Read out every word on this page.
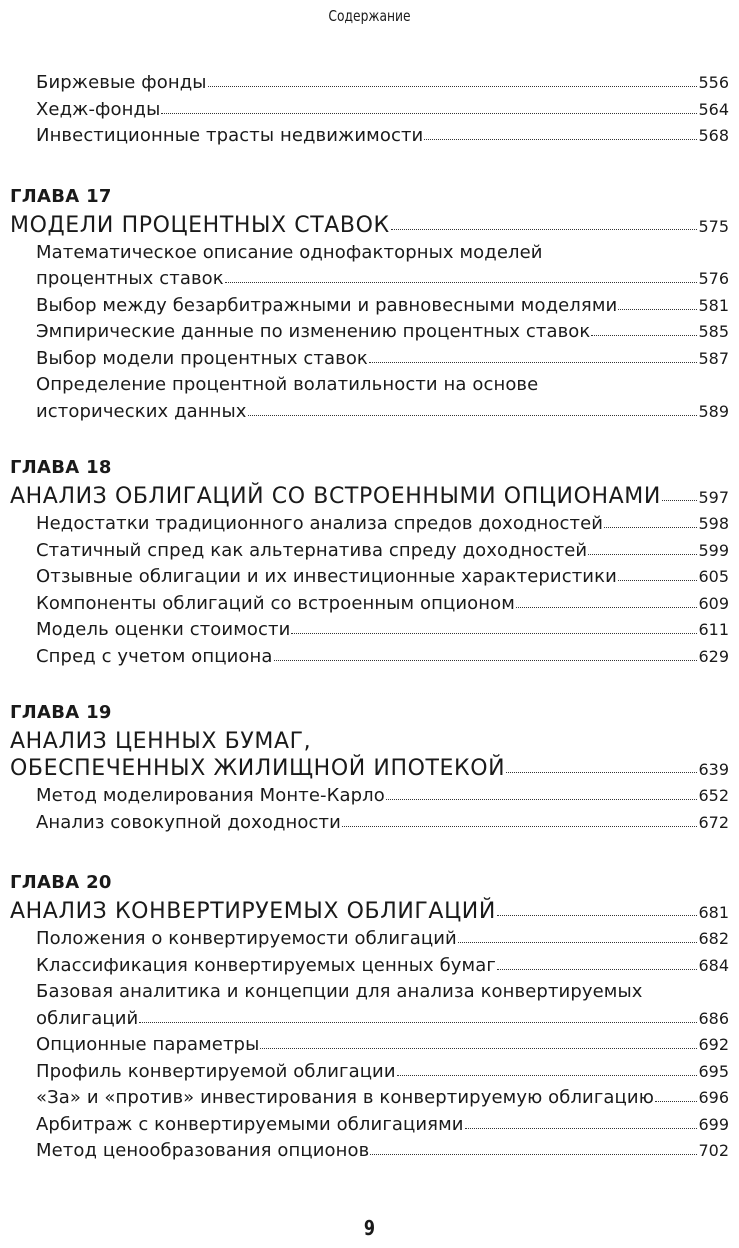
Содержание
Биржевые фонды	556
Хедж-фонды	564
Инвестиционные трасты недвижимости	568
ГЛАВА 17
МОДЕЛИ ПРОЦЕНТНЫХ СТАВОК	575
Математическое описание однофакторных моделей
процентных ставок	576
Выбор между безарбитражными и равновесными моделями	581
Эмпирические данные по изменению процентных ставок	585
Выбор модели процентных ставок	587
Определение процентной волатильности на основе
исторических данных	589
ГЛАВА 18
АНАЛИЗ ОБЛИГАЦИЙ СО ВСТРОЕННЫМИ ОПЦИОНАМИ 597
Недостатки традиционного анализа спредов доходностей	598
Статичный спред как альтернатива спреду доходностей	599
Отзывные облигации и их инвестиционные характеристики	605
Компоненты облигаций со встроенным опционом	609
Модель оценки стоимости	611
Спред с учетом опциона	629
ГЛАВА 19
АНАЛИЗ ЦЕННЫХ БУМАГ,
ОБЕСПЕЧЕННЫХ ЖИЛИЩНОЙ ИПОТЕКОЙ	639
Метод моделирования Монте-Карло	652
Анализ совокупной доходности	672
ГЛАВА 20
АНАЛИЗ КОНВЕРТИРУЕМЫХ ОБЛИГАЦИЙ	681
Положения о конвертируемости облигаций	682
Классификация конвертируемых ценных бумаг	684
Базовая аналитика и концепции для анализа конвертируемых
облигаций	686
Опционные параметры	692
Профиль конвертируемой облигации	695
«За» и «против» инвестирования в конвертируемую облигацию	696
Арбитраж с конвертируемыми облигациями	699
Метод ценообразования опционов	702
9
